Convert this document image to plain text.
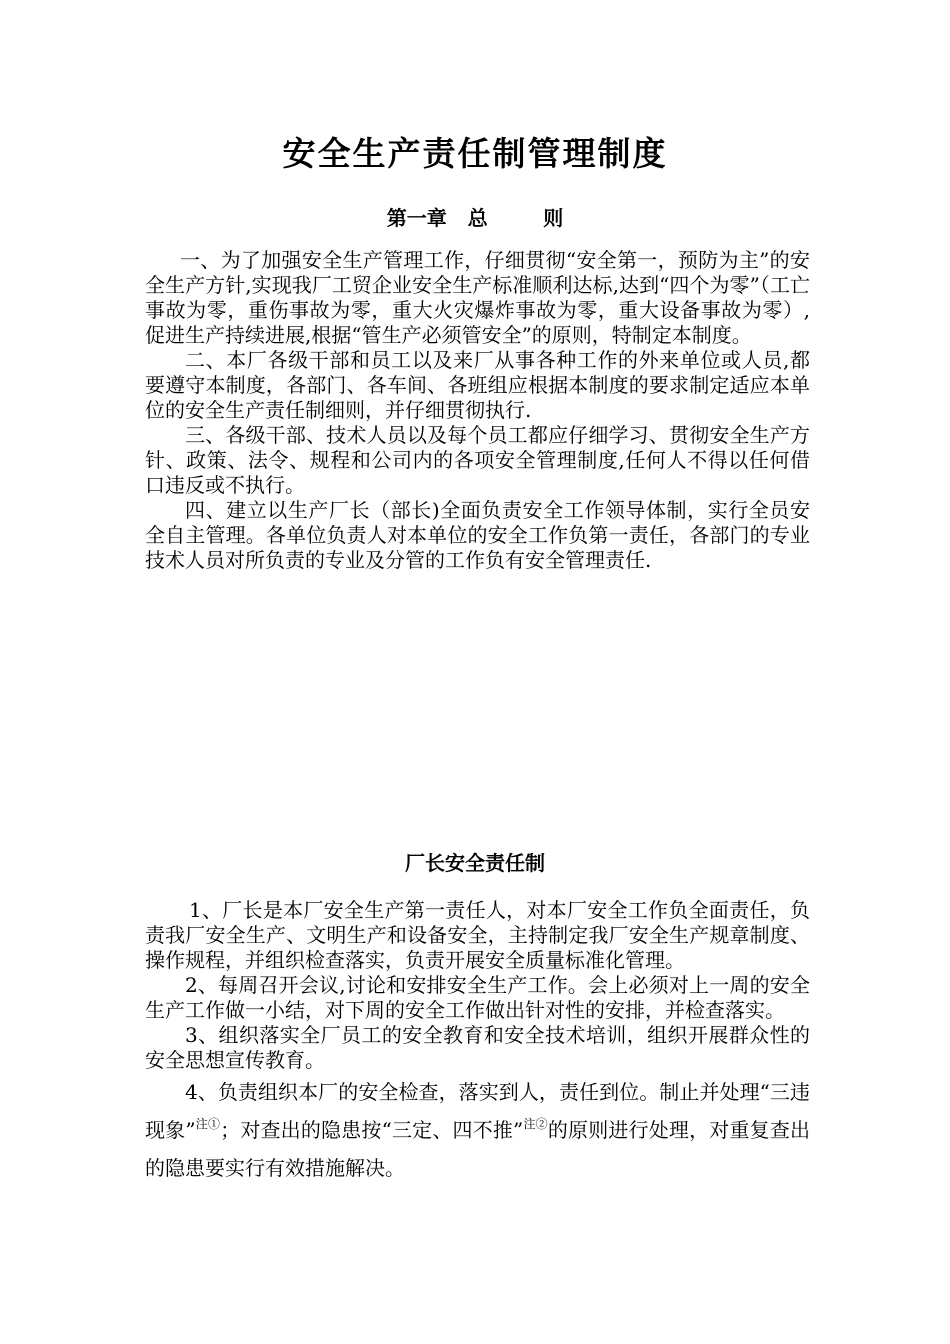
安全生产责任制管理制度
第一章   总        则

一、为了加强安全生产管理工作，仔细贯彻“安全第一，预防为主”的安全生产方针,实现我厂工贸企业安全生产标准顺利达标,达到“四个为零”（工亡事故为零，重伤事故为零，重大火灾爆炸事故为零，重大设备事故为零）,促进生产持续进展,根据“管生产必须管安全”的原则，特制定本制度。

二、本厂各级干部和员工以及来厂从事各种工作的外来单位或人员,都要遵守本制度，各部门、各车间、各班组应根据本制度的要求制定适应本单位的安全生产责任制细则，并仔细贯彻执行.

三、各级干部、技术人员以及每个员工都应仔细学习、贯彻安全生产方针、政策、法令、规程和公司内的各项安全管理制度,任何人不得以任何借口违反或不执行。

四、建立以生产厂长（部长)全面负责安全工作领导体制，实行全员安全自主管理。各单位负责人对本单位的安全工作负第一责任，各部门的专业技术人员对所负责的专业及分管的工作负有安全管理责任.

厂长安全责任制

1、厂长是本厂安全生产第一责任人，对本厂安全工作负全面责任，负责我厂安全生产、文明生产和设备安全，主持制定我厂安全生产规章制度、操作规程，并组织检查落实，负责开展安全质量标准化管理。

2、每周召开会议,讨论和安排安全生产工作。会上必须对上一周的安全生产工作做一小结，对下周的安全工作做出针对性的安排，并检查落实。

3、组织落实全厂员工的安全教育和安全技术培训，组织开展群众性的安全思想宣传教育。

4、负责组织本厂的安全检查，落实到人，责任到位。制止并处理“三违现象”$^{注①}$；对查出的隐患按“三定、四不推”$^{注②}$的原则进行处理，对重复查出的隐患要实行有效措施解决。
